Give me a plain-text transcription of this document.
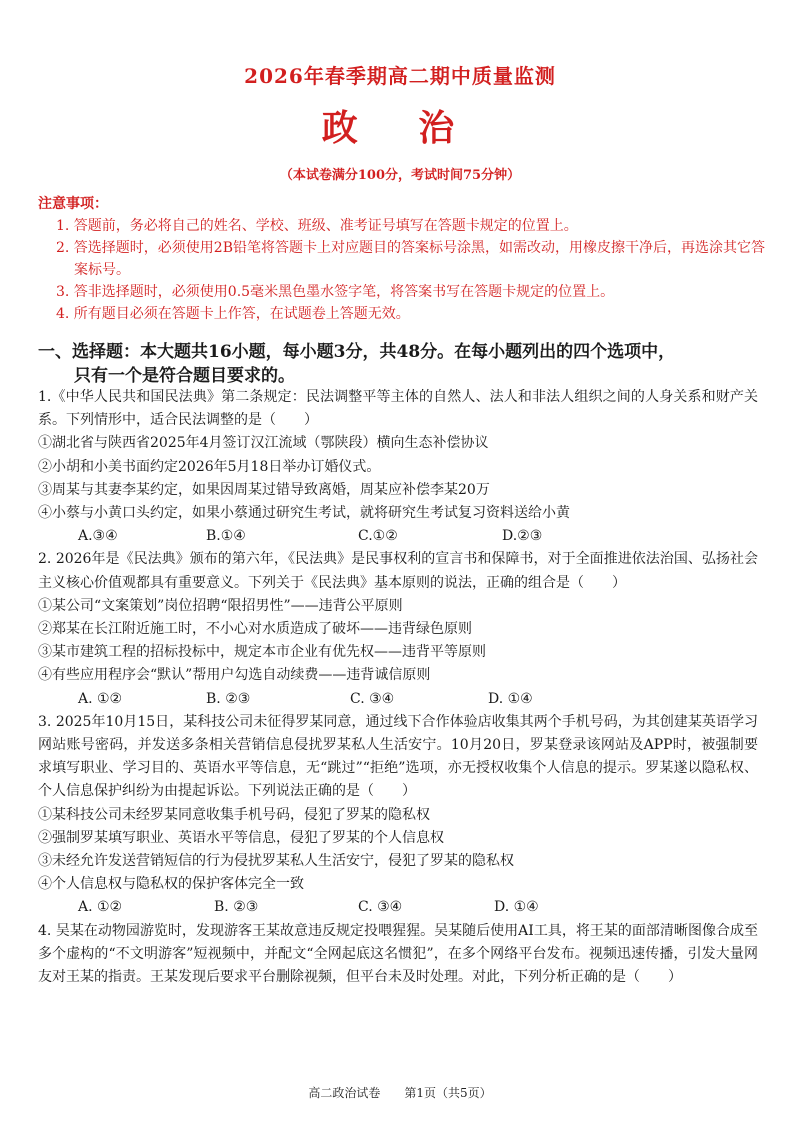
2026年春季期高二期中质量监测
政 治
（本试卷满分100分，考试时间75分钟）
注意事项：
1. 答题前，务必将自己的姓名、学校、班级、准考证号填写在答题卡规定的位置上。
2. 答选择题时，必须使用2B铅笔将答题卡上对应题目的答案标号涂黑，如需改动，用橡皮擦干净后，再选涂其它答案标号。
3. 答非选择题时，必须使用0.5毫米黑色墨水签字笔，将答案书写在答题卡规定的位置上。
4. 所有题目必须在答题卡上作答，在试题卷上答题无效。
一、选择题：本大题共16小题，每小题3分，共48分。在每小题列出的四个选项中，
只有一个是符合题目要求的。
1.《中华人民共和国民法典》第二条规定：民法调整平等主体的自然人、法人和非法人组织之间的人身关系和财产关系。下列情形中，适合民法调整的是（　　）
①湖北省与陕西省2025年4月签订汉江流域（鄂陕段）横向生态补偿协议
②小胡和小美书面约定2026年5月18日举办订婚仪式。
③周某与其妻李某约定，如果因周某过错导致离婚，周某应补偿李某20万
④小蔡与小黄口头约定，如果小蔡通过研究生考试，就将研究生考试复习资料送给小黄
A.③④	B.①④	C.①②	D.②③
2. 2026年是《民法典》颁布的第六年，《民法典》是民事权利的宣言书和保障书，对于全面推进依法治国、弘扬社会主义核心价值观都具有重要意义。下列关于《民法典》基本原则的说法，正确的组合是（　　）
①某公司“文案策划”岗位招聘“限招男性”——违背公平原则
②郑某在长江附近施工时，不小心对水质造成了破坏——违背绿色原则
③某市建筑工程的招标投标中，规定本市企业有优先权——违背平等原则
④有些应用程序会“默认”帮用户勾选自动续费——违背诚信原则
A. ①②	B. ②③	C. ③④	D. ①④
3. 2025年10月15日，某科技公司未征得罗某同意，通过线下合作体验店收集其两个手机号码，为其创建某英语学习网站账号密码，并发送多条相关营销信息侵扰罗某私人生活安宁。10月20日，罗某登录该网站及APP时，被强制要求填写职业、学习目的、英语水平等信息，无“跳过”“拒绝”选项，亦无授权收集个人信息的提示。罗某遂以隐私权、个人信息保护纠纷为由提起诉讼。下列说法正确的是（　　）
①某科技公司未经罗某同意收集手机号码，侵犯了罗某的隐私权
②强制罗某填写职业、英语水平等信息，侵犯了罗某的个人信息权
③未经允许发送营销短信的行为侵扰罗某私人生活安宁，侵犯了罗某的隐私权
④个人信息权与隐私权的保护客体完全一致
A. ①②	B. ②③	C. ③④	D. ①④
4. 吴某在动物园游览时，发现游客王某故意违反规定投喂猩猩。吴某随后使用AI工具，将王某的面部清晰图像合成至多个虚构的“不文明游客”短视频中，并配文“全网起底这名惯犯”，在多个网络平台发布。视频迅速传播，引发大量网友对王某的指责。王某发现后要求平台删除视频，但平台未及时处理。对此，下列分析正确的是（　　）
高二政治试卷　　第1页（共5页）
